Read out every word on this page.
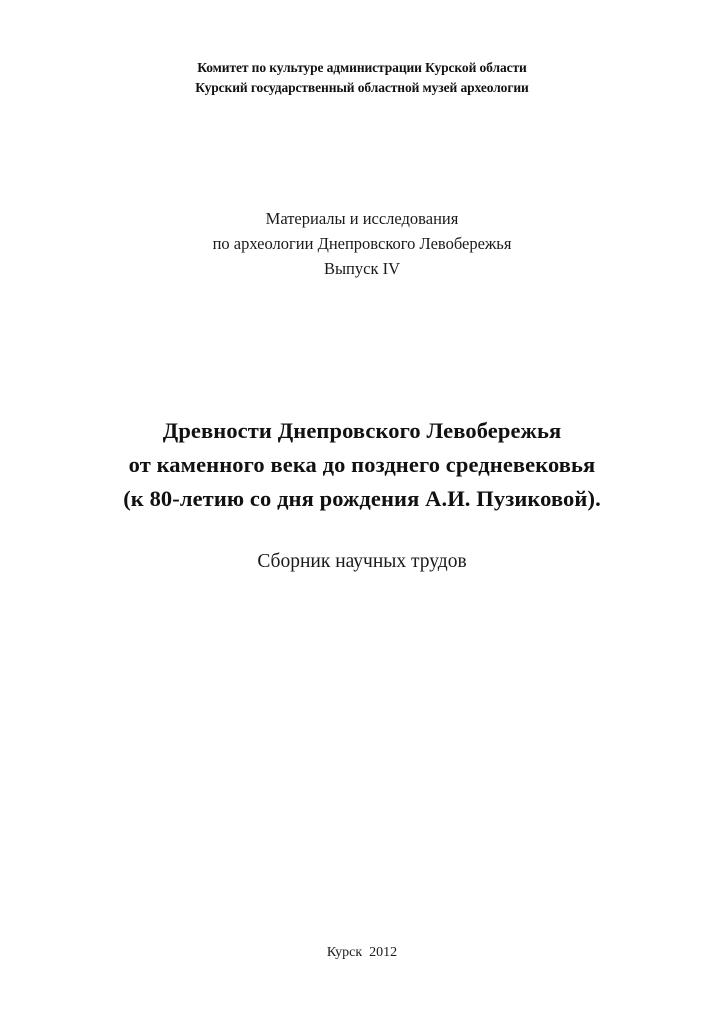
Комитет по культуре администрации Курской области
Курский государственный областной музей археологии
Материалы и исследования
по археологии Днепровского Левобережья
Выпуск IV
Древности Днепровского Левобережья
от каменного века до позднего средневековья
(к 80-летию со дня рождения А.И. Пузиковой).
Сборник научных трудов
Курск  2012
